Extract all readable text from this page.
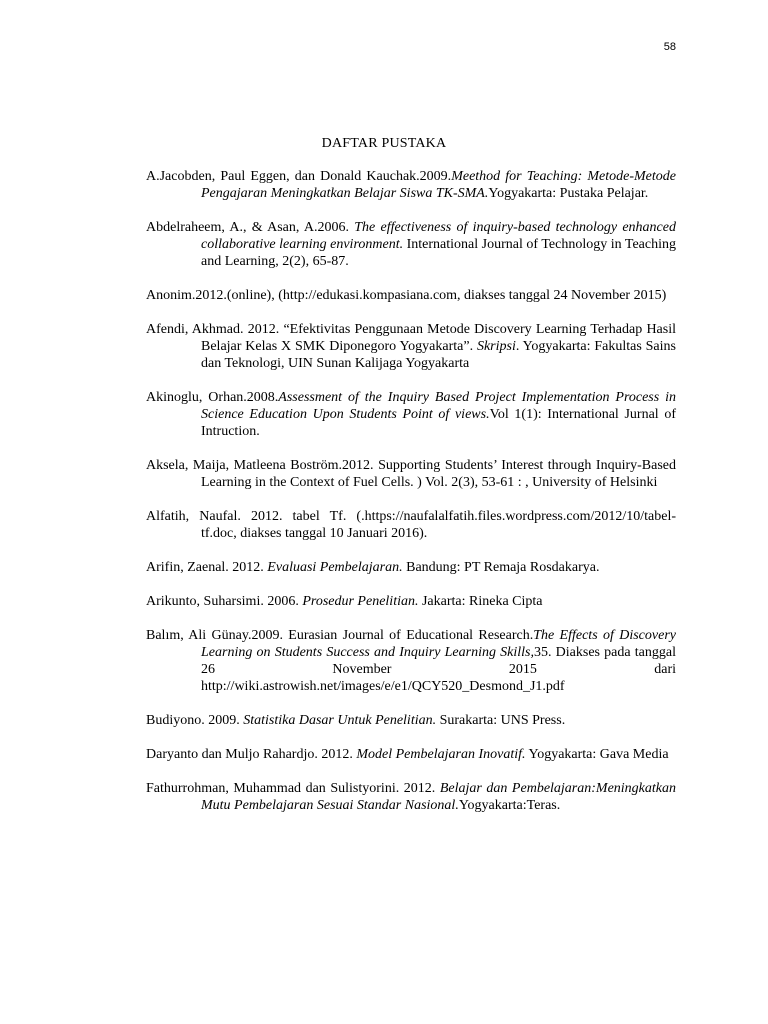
58
DAFTAR PUSTAKA

A.Jacobden, Paul Eggen, dan Donald Kauchak.2009.Meethod for Teaching: Metode-Metode Pengajaran Meningkatkan Belajar Siswa TK-SMA.Yogyakarta: Pustaka Pelajar.

Abdelraheem, A., & Asan, A.2006. The effectiveness of inquiry-based technology enhanced collaborative learning environment. International Journal of Technology in Teaching and Learning, 2(2), 65-87.

Anonim.2012.(online), (http://edukasi.kompasiana.com, diakses tanggal 24 November 2015)

Afendi, Akhmad. 2012. “Efektivitas Penggunaan Metode Discovery Learning Terhadap Hasil Belajar Kelas X SMK Diponegoro Yogyakarta”. Skripsi. Yogyakarta: Fakultas Sains dan Teknologi, UIN Sunan Kalijaga Yogyakarta

Akinoglu, Orhan.2008.Assessment of the Inquiry Based Project Implementation Process in Science Education Upon Students Point of views.Vol 1(1): International Jurnal of Intruction.

Aksela, Maija, Matleena Boström.2012. Supporting Students’ Interest through Inquiry-Based Learning in the Context of Fuel Cells. ) Vol. 2(3), 53-61 : , University of Helsinki

Alfatih, Naufal. 2012. tabel Tf. (.https://naufalalfatih.files.wordpress.com/2012/10/tabel-tf.doc, diakses tanggal 10 Januari 2016).

Arifin, Zaenal. 2012. Evaluasi Pembelajaran. Bandung: PT Remaja Rosdakarya.

Arikunto, Suharsimi. 2006. Prosedur Penelitian. Jakarta: Rineka Cipta

Balım, Ali Günay.2009. Eurasian Journal of Educational Research.The Effects of Discovery Learning on Students Success and Inquiry Learning Skills,35. Diakses pada tanggal 26 November 2015 dari http://wiki.astrowish.net/images/e/e1/QCY520_Desmond_J1.pdf

Budiyono. 2009. Statistika Dasar Untuk Penelitian. Surakarta: UNS Press.

Daryanto dan Muljo Rahardjo. 2012. Model Pembelajaran Inovatif. Yogyakarta: Gava Media

Fathurrohman, Muhammad dan Sulistyorini. 2012. Belajar dan Pembelajaran:Meningkatkan Mutu Pembelajaran Sesuai Standar Nasional.Yogyakarta:Teras.
